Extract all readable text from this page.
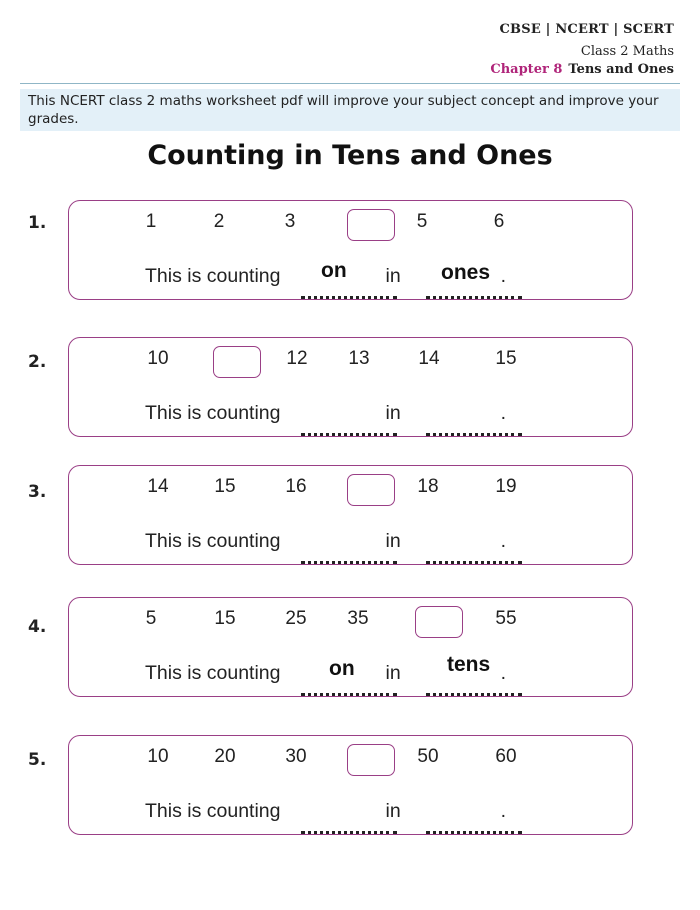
CBSE | NCERT | SCERT
Class 2 Maths
Chapter 8 Tens and Ones
This NCERT class 2 maths worksheet pdf will improve your subject concept and improve your grades.
Counting in Tens and Ones
1.	1	2	3	5	6
This is counting	in	.
on	ones
2.	10	12	13	14	15
This is counting	in	.
3.	14	15	16	18	19
This is counting	in	.
4.	5	15	25	35	55
This is counting	in	.
on	tens
5.	10	20	30	50	60
This is counting	in	.
